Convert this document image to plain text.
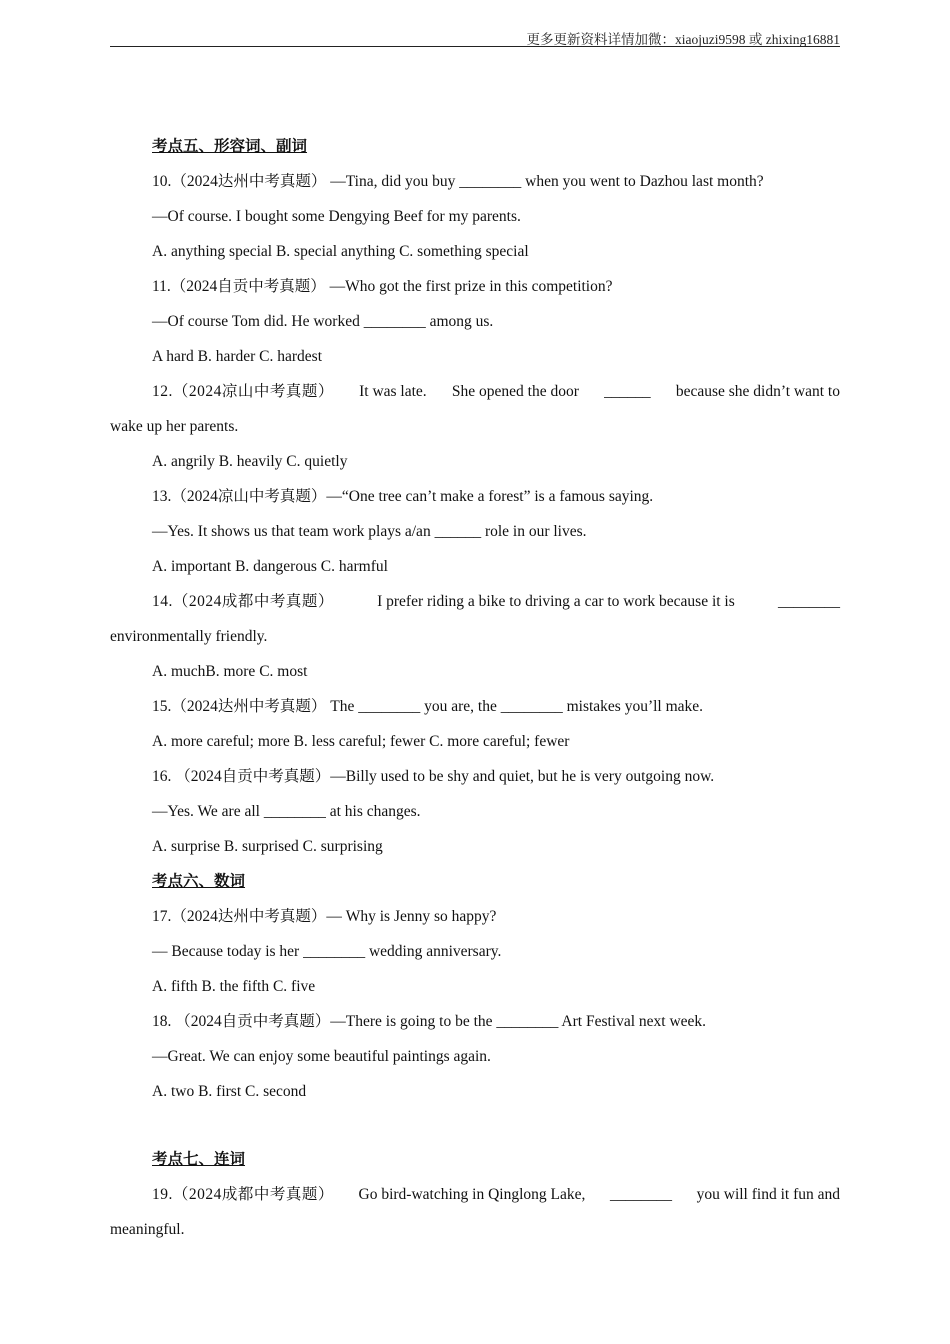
更多更新资料详情加微：xiaojuzi9598 或 zhixing16881
考点五、形容词、副词
10.（2024达州中考真题） —Tina, did you buy ________ when you went to Dazhou last month?
—Of course. I bought some Dengying Beef for my parents.
A. anything special B. special anything C. something special
11.（2024自贡中考真题） —Who got the first prize in this competition?
—Of course Tom did. He worked ________ among us.
A hard B. harder C. hardest
12.（2024凉山中考真题） It was late. She opened the door ______ because she didn’t want to
wake up her parents.
A. angrily B. heavily C. quietly
13.（2024凉山中考真题）—“One tree can’t make a forest” is a famous saying.
—Yes. It shows us that team work plays a/an ______ role in our lives.
A. important B. dangerous C. harmful
14.（2024成都中考真题）	I prefer riding a bike to driving a car to work because it is	________
environmentally friendly.
A. muchB. more C. most
15.（2024达州中考真题） The ________ you are, the ________ mistakes you’ll make.
A. more careful; more B. less careful; fewer C. more careful; fewer
16. （2024自贡中考真题）—Billy used to be shy and quiet, but he is very outgoing now.
—Yes. We are all ________ at his changes.
A. surprise B. surprised C. surprising
考点六、数词
17.（2024达州中考真题）— Why is Jenny so happy?
— Because today is her ________ wedding anniversary.
A. fifth B. the fifth C. five
18. （2024自贡中考真题）—There is going to be the ________ Art Festival next week.
—Great. We can enjoy some beautiful paintings again.
A. two B. first C. second
考点七、连词
19.（2024成都中考真题） Go bird-watching in Qinglong Lake, ________ you will find it fun and
meaningful.
